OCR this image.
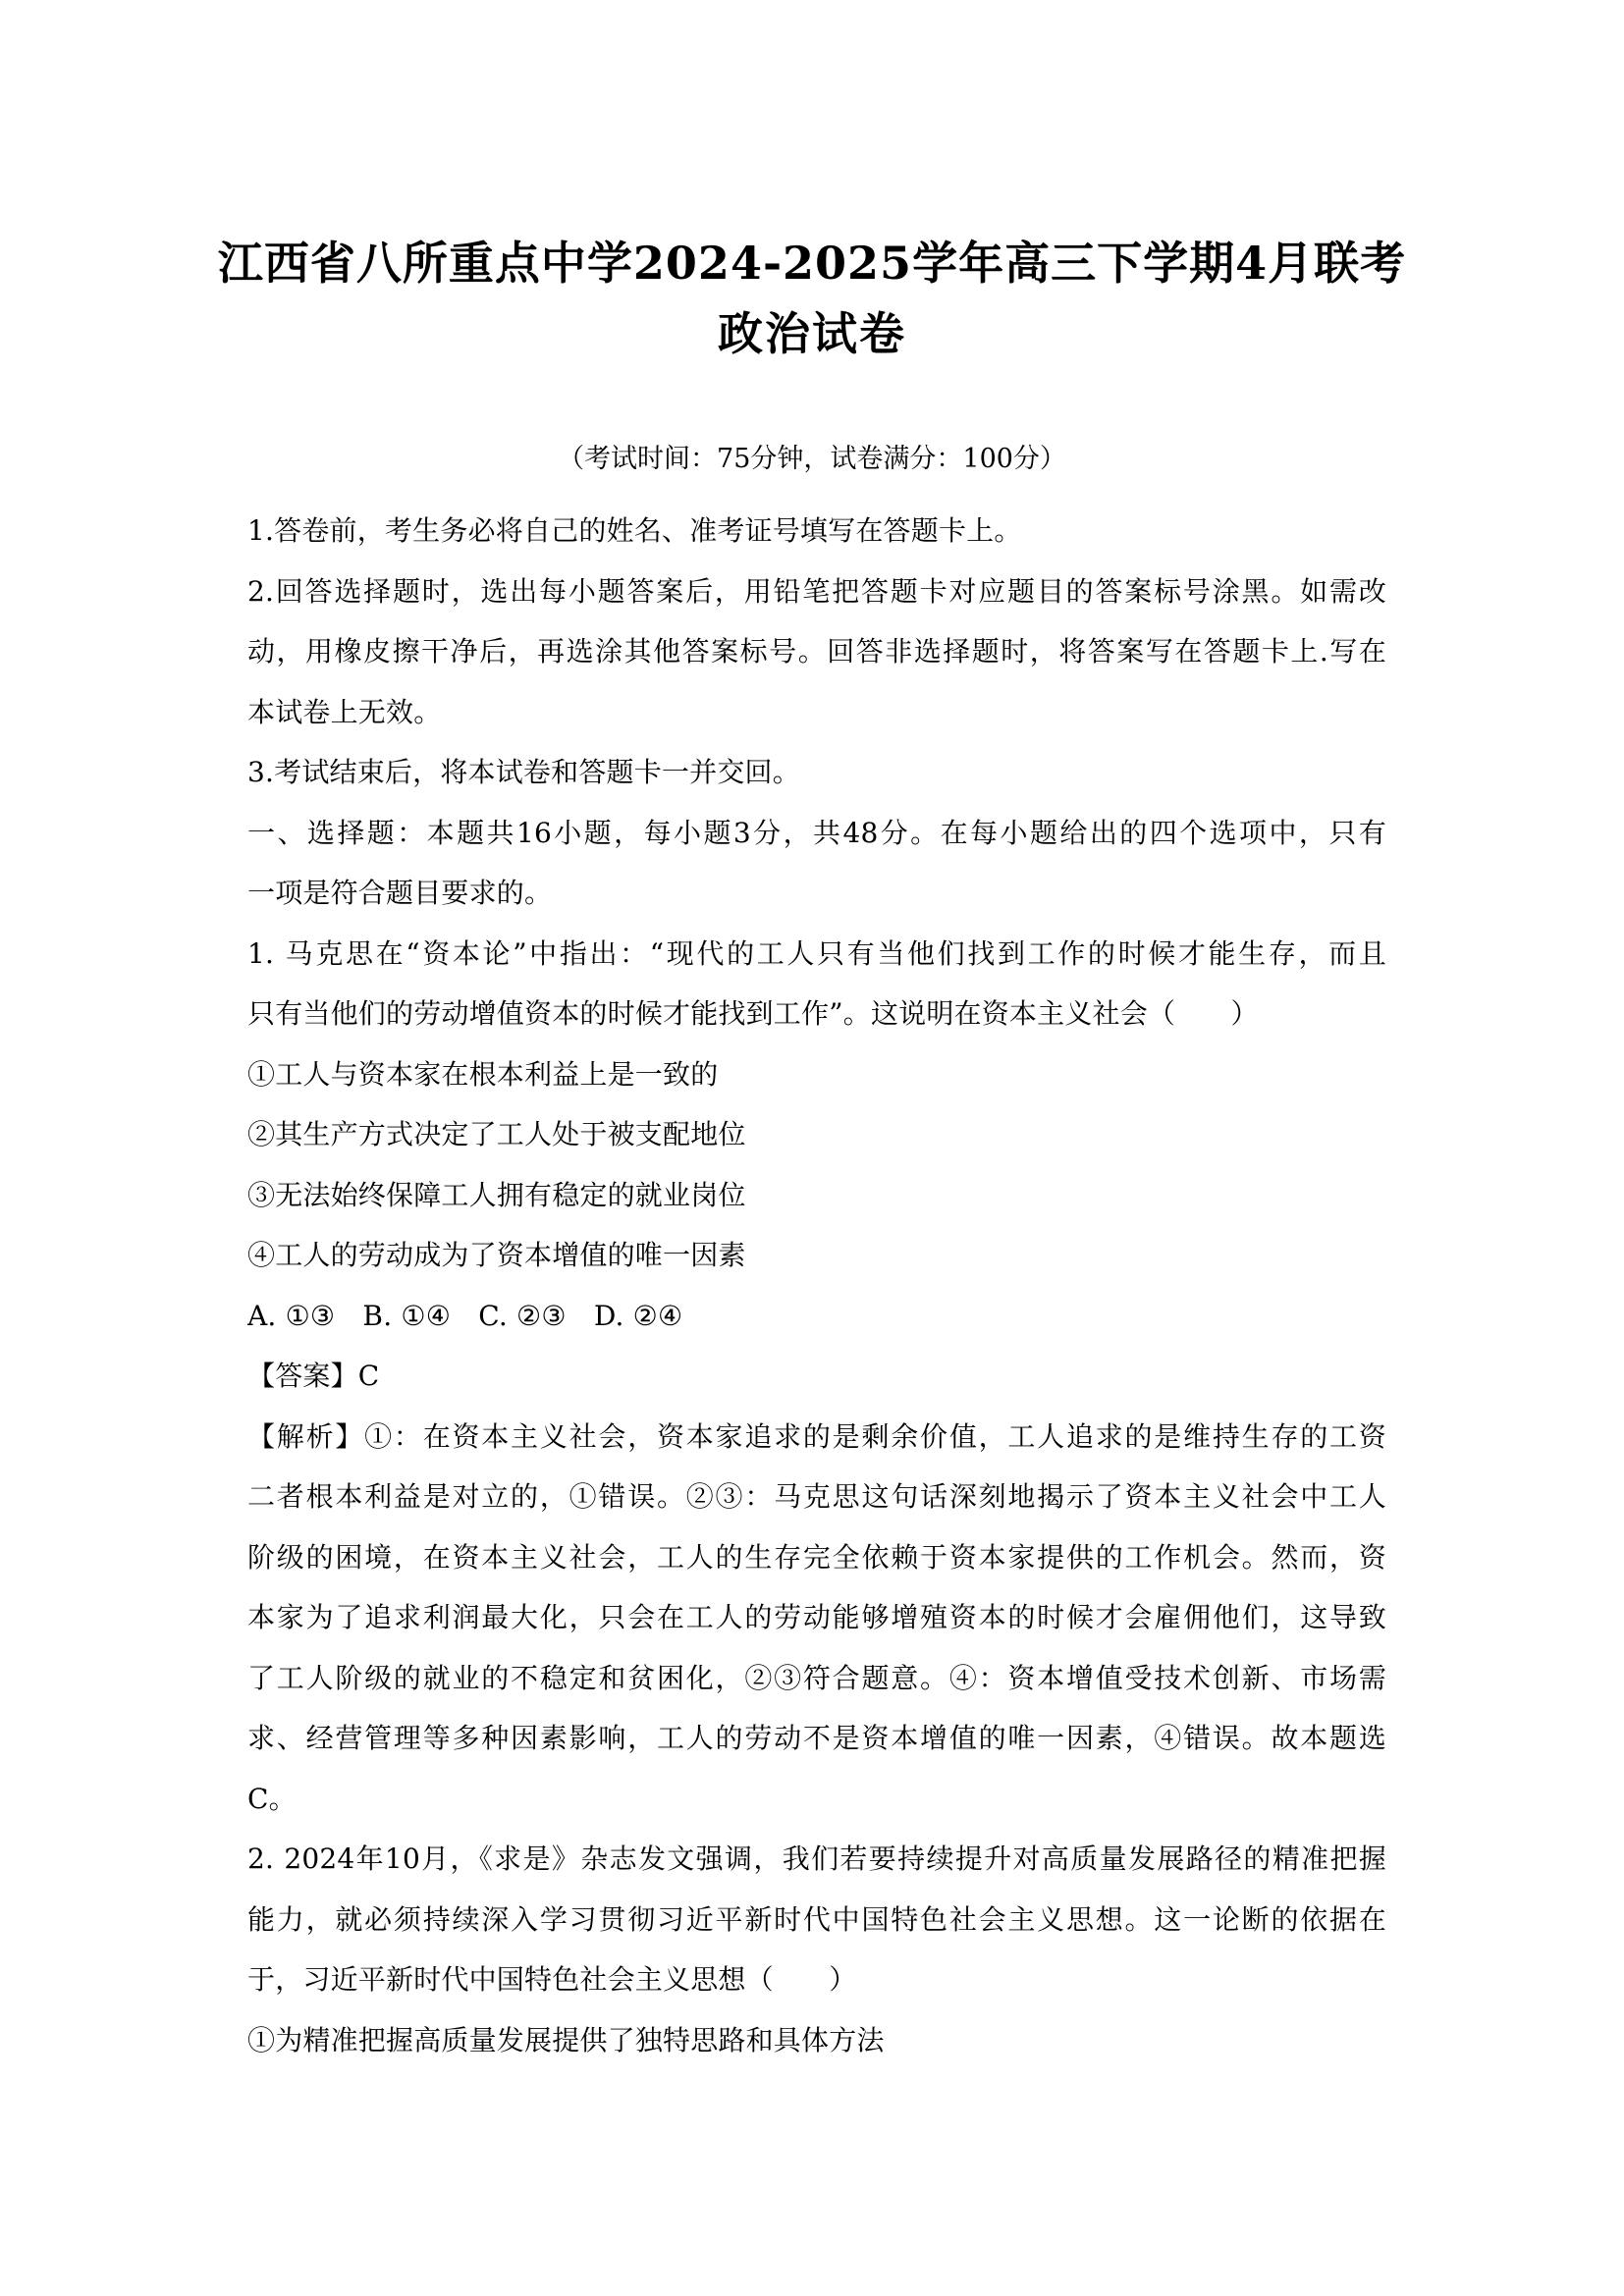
江西省八所重点中学2024-2025学年高三下学期4月联考
政治试卷
（考试时间：75分钟，试卷满分：100分）
1.答卷前，考生务必将自己的姓名、准考证号填写在答题卡上。
2.回答选择题时，选出每小题答案后，用铅笔把答题卡对应题目的答案标号涂黑。如需改
动，用橡皮擦干净后，再选涂其他答案标号。回答非选择题时，将答案写在答题卡上.写在
本试卷上无效。
3.考试结束后，将本试卷和答题卡一并交回。
一、选择题：本题共16小题，每小题3分，共48分。在每小题给出的四个选项中，只有
一项是符合题目要求的。
1. 马克思在“资本论”中指出：“现代的工人只有当他们找到工作的时候才能生存，而且
只有当他们的劳动增值资本的时候才能找到工作”。这说明在资本主义社会（　　）
①工人与资本家在根本利益上是一致的
②其生产方式决定了工人处于被支配地位
③无法始终保障工人拥有稳定的就业岗位
④工人的劳动成为了资本增值的唯一因素
A. ①③　B. ①④　C. ②③　D. ②④
【答案】C
【解析】①：在资本主义社会，资本家追求的是剩余价值，工人追求的是维持生存的工资
二者根本利益是对立的，①错误。②③：马克思这句话深刻地揭示了资本主义社会中工人
阶级的困境，在资本主义社会，工人的生存完全依赖于资本家提供的工作机会。然而，资
本家为了追求利润最大化，只会在工人的劳动能够增殖资本的时候才会雇佣他们，这导致
了工人阶级的就业的不稳定和贫困化，②③符合题意。④：资本增值受技术创新、市场需
求、经营管理等多种因素影响，工人的劳动不是资本增值的唯一因素，④错误。故本题选
C。
2. 2024年10月，《求是》杂志发文强调，我们若要持续提升对高质量发展路径的精准把握
能力，就必须持续深入学习贯彻习近平新时代中国特色社会主义思想。这一论断的依据在
于，习近平新时代中国特色社会主义思想（　　）
①为精准把握高质量发展提供了独特思路和具体方法
